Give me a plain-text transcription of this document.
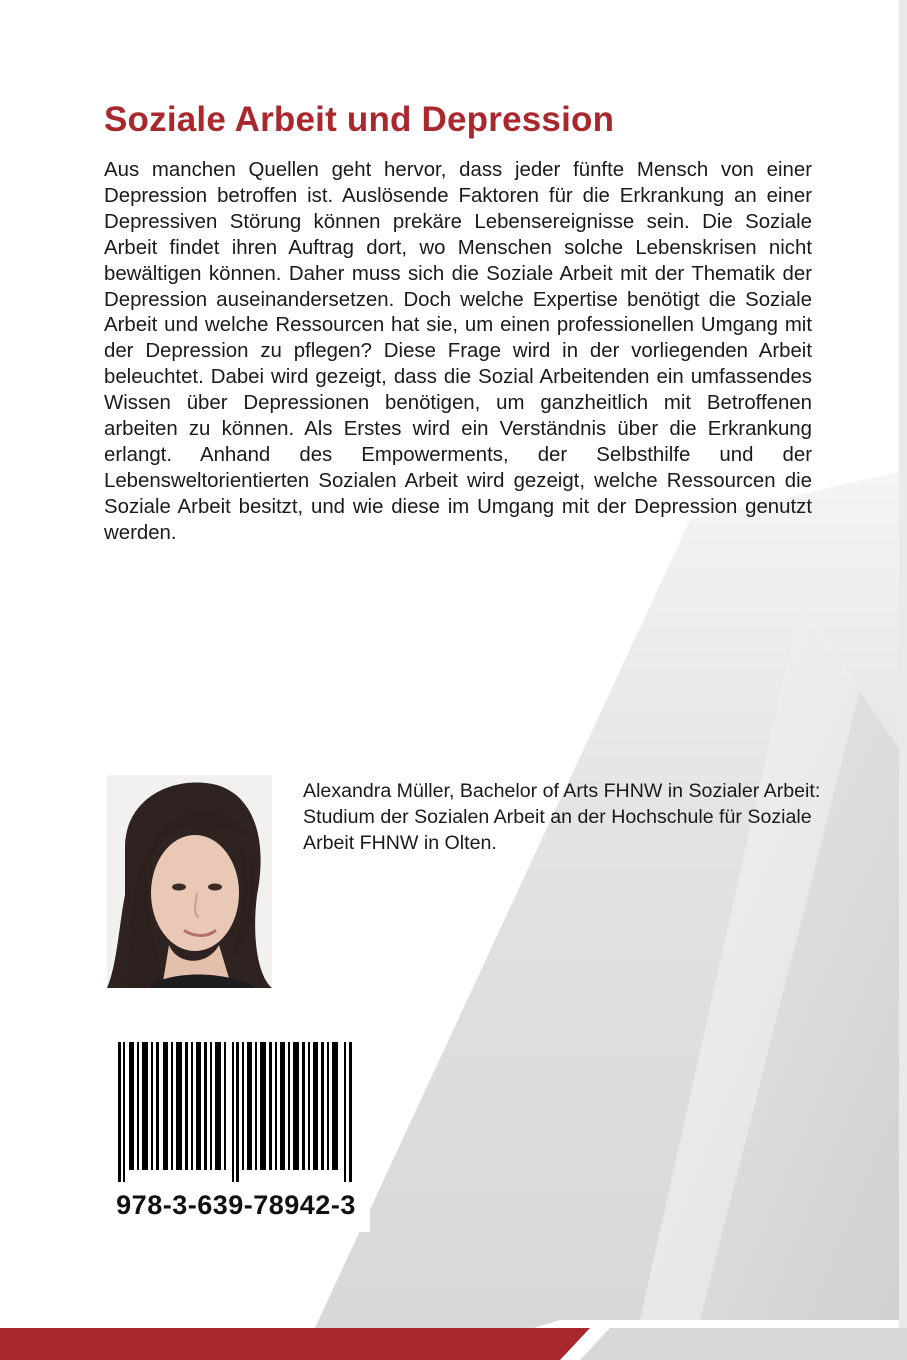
Soziale Arbeit und Depression

Aus manchen Quellen geht hervor, dass jeder fünfte Mensch von einer Depression betroffen ist. Auslösende Faktoren für die Erkrankung an einer Depressiven Störung können prekäre Lebensereignisse sein. Die Soziale Arbeit findet ihren Auftrag dort, wo Menschen solche Lebenskrisen nicht bewältigen können. Daher muss sich die Soziale Arbeit mit der Thematik der Depression auseinandersetzen. Doch welche Expertise benötigt die Soziale Arbeit und welche Ressourcen hat sie, um einen professionellen Umgang mit der Depression zu pflegen? Diese Frage wird in der vorliegenden Arbeit beleuchtet. Dabei wird gezeigt, dass die Sozial Arbeitenden ein umfassendes Wissen über Depressionen benötigen, um ganzheitlich mit Betroffenen arbeiten zu können. Als Erstes wird ein Verständnis über die Erkrankung erlangt. Anhand des Empowerments, der Selbsthilfe und der Lebensweltorientierten Sozialen Arbeit wird gezeigt, welche Ressourcen die Soziale Arbeit besitzt, und wie diese im Umgang mit der Depression genutzt werden.

Alexandra Müller, Bachelor of Arts FHNW in Sozialer Arbeit: Studium der Sozialen Arbeit an der Hochschule für Soziale Arbeit FHNW in Olten.

978-3-639-78942-3
